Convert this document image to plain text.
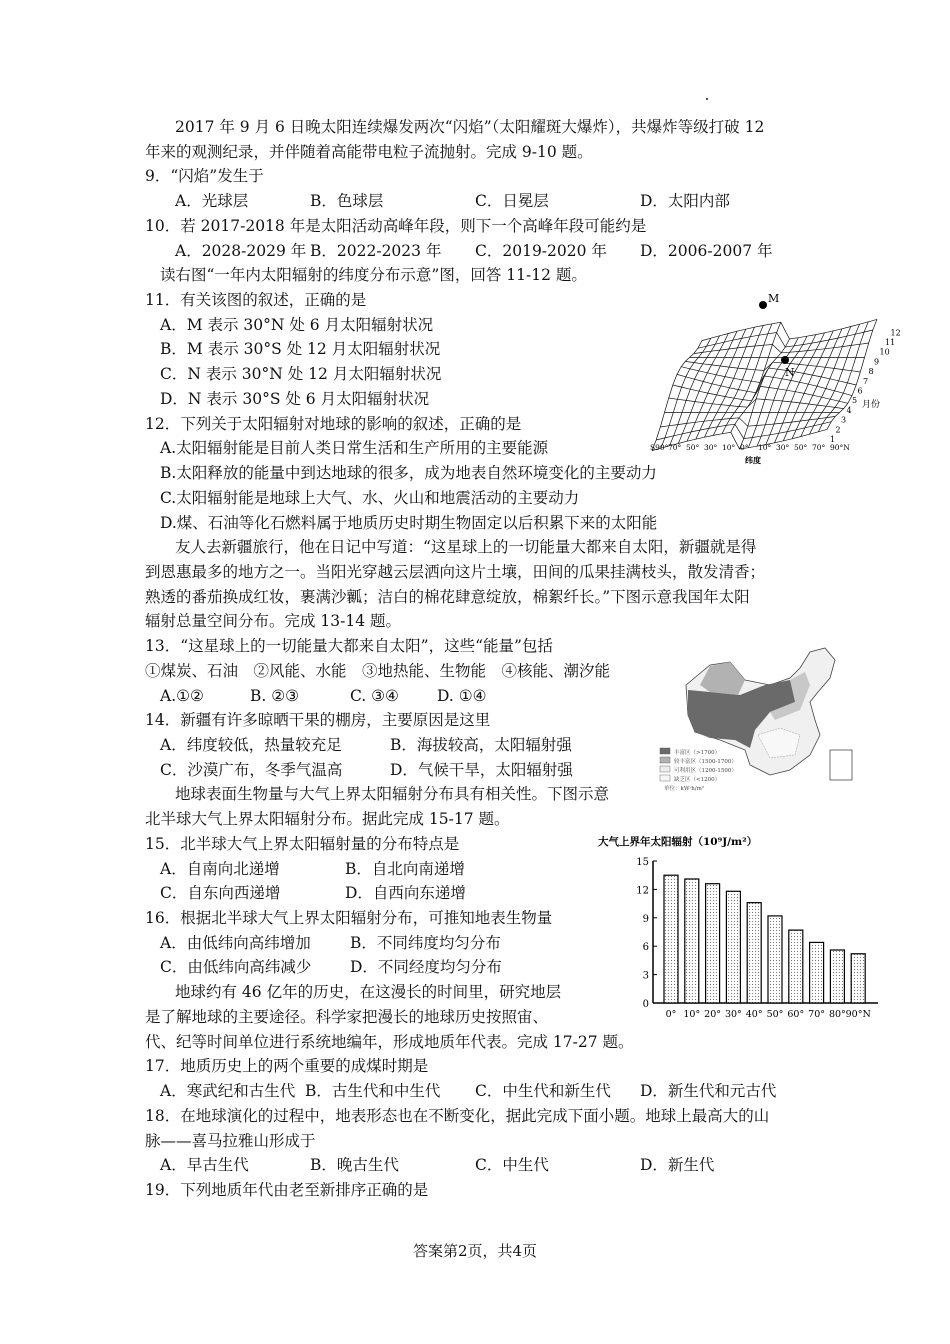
2017 年 9 月 6 日晚太阳连续爆发两次“闪焰”（太阳耀斑大爆炸），共爆炸等级打破 12
年来的观测纪录，并伴随着高能带电粒子流抛射。完成 9-10 题。
9．“闪焰”发生于
A．光球层	B．色球层	C．日冕层	D．太阳内部
10．若 2017-2018 年是太阳活动高峰年段，则下一个高峰年段可能约是
A．2028-2029 年 B．2022-2023 年 C．2019-2020 年 D．2006-2007 年
读右图“一年内太阳辐射的纬度分布示意”图，回答 11-12 题。
11．有关该图的叙述，正确的是
A．M 表示 30°N 处 6 月太阳辐射状况
B．M 表示 30°S 处 12 月太阳辐射状况
C．N 表示 30°N 处 12 月太阳辐射状况
D．N 表示 30°S 处 6 月太阳辐射状况
12．下列关于太阳辐射对地球的影响的叙述，正确的是
A.太阳辐射能是目前人类日常生活和生产所用的主要能源
B.太阳释放的能量中到达地球的很多，成为地表自然环境变化的主要动力
C.太阳辐射能是地球上大气、水、火山和地震活动的主要动力
D.煤、石油等化石燃料属于地质历史时期生物固定以后积累下来的太阳能
友人去新疆旅行，他在日记中写道：“这星球上的一切能量大都来自太阳，新疆就是得
到恩惠最多的地方之一。当阳光穿越云层洒向这片土壤，田间的瓜果挂满枝头，散发清香；
熟透的番茄换成红妆，裹满沙瓤；洁白的棉花肆意绽放，棉絮纤长。”下图示意我国年太阳
辐射总量空间分布。完成 13-14 题。
13．“这星球上的一切能量大都来自太阳”，这些“能量”包括
①煤炭、石油　②风能、水能　③地热能、生物能　④核能、潮汐能
A.①②	B. ②③	C. ③④ D. ①④
14．新疆有许多晾晒干果的棚房，主要原因是这里
A．纬度较低，热量较充足	B．海拔较高，太阳辐射强
C．沙漠广布，冬季气温高	D．气候干旱，太阳辐射强
地球表面生物量与大气上界太阳辐射分布具有相关性。下图示意
北半球大气上界太阳辐射分布。据此完成 15-17 题。
15．北半球大气上界太阳辐射量的分布特点是
A．自南向北递增	B．自北向南递增
C．自东向西递增	D．自西向东递增
16．根据北半球大气上界太阳辐射分布，可推知地表生物量
A．由低纬向高纬增加	B．不同纬度均匀分布
C．由低纬向高纬减少 D．不同经度均匀分布
地球约有 46 亿年的历史，在这漫长的时间里，研究地层
是了解地球的主要途径。科学家把漫长的地球历史按照宙、
代、纪等时间单位进行系统地编年，形成地质年代表。完成 17-27 题。
17．地质历史上的两个重要的成煤时期是
A．寒武纪和古生代 B．古生代和中生代 C．中生代和新生代 D．新生代和元古代
18．在地球演化的过程中，地表形态也在不断变化，据此完成下面小题。地球上最高大的山
脉——喜马拉雅山形成于
A．早古生代	B．晚古生代	C．中生代	D．新生代
19．下列地质年代由老至新排序正确的是
M
N
1
2
3
4
5
6
7
8
9
10
11
12
月份
S90° 70° 50° 30° 10° 0° 10° 30° 50° 70° 90°N
纬度
丰富区（>1700）
较丰富区（1500-1700）
可利用区（1200-1500）
缺乏区（<1200）
单位：kW·h/m²
大气上界年太阳辐射（10⁹J/m²）
0
3
6
9
12
15
0° 10° 20° 30° 40° 50° 60° 70° 80° 90°N
答案第2页，共4页
